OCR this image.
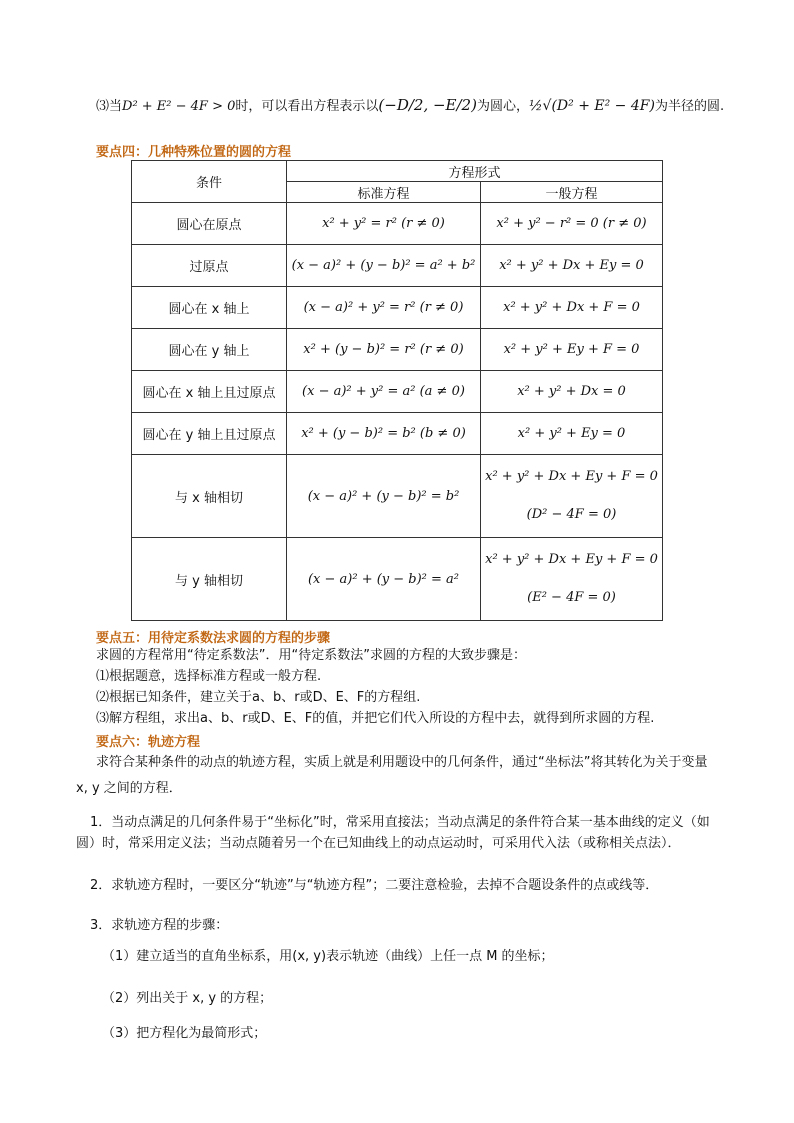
⑶当D² + E² − 4F > 0时，可以看出方程表示以(−D/2, −E/2)为圆心，½√(D² + E² − 4F)为半径的圆.
要点四：几种特殊位置的圆的方程
条件	方程形式	
	标准方程	一般方程
圆心在原点	x² + y² = r² (r ≠ 0)	x² + y² − r² = 0 (r ≠ 0)
过原点	(x − a)² + (y − b)² = a² + b²	x² + y² + Dx + Ey = 0
圆心在 x 轴上	(x − a)² + y² = r² (r ≠ 0)	x² + y² + Dx + F = 0
圆心在 y 轴上	x² + (y − b)² = r² (r ≠ 0)	x² + y² + Ey + F = 0
圆心在 x 轴上且过原点	(x − a)² + y² = a² (a ≠ 0)	x² + y² + Dx = 0
圆心在 y 轴上且过原点	x² + (y − b)² = b² (b ≠ 0)	x² + y² + Ey = 0
与 x 轴相切	(x − a)² + (y − b)² = b²	x² + y² + Dx + Ey + F = 0
(D² − 4F = 0)

与 y 轴相切	(x − a)² + (y − b)² = a²	x² + y² + Dx + Ey + F = 0
(E² − 4F = 0)
要点五：用待定系数法求圆的方程的步骤
求圆的方程常用“待定系数法”．用“待定系数法”求圆的方程的大致步骤是：
⑴根据题意，选择标准方程或一般方程.
⑵根据已知条件，建立关于a、b、r或D、E、F的方程组.
⑶解方程组，求出a、b、r或D、E、F的值，并把它们代入所设的方程中去，就得到所求圆的方程.
要点六：轨迹方程
求符合某种条件的动点的轨迹方程，实质上就是利用题设中的几何条件，通过“坐标法”将其转化为关于变量 x, y 之间的方程．
1．当动点满足的几何条件易于“坐标化”时，常采用直接法；当动点满足的条件符合某一基本曲线的定义（如圆）时，常采用定义法；当动点随着另一个在已知曲线上的动点运动时，可采用代入法（或称相关点法）．
2．求轨迹方程时，一要区分“轨迹”与“轨迹方程”；二要注意检验，去掉不合题设条件的点或线等．
3．求轨迹方程的步骤：
（1）建立适当的直角坐标系，用(x, y)表示轨迹（曲线）上任一点 M 的坐标；
（2）列出关于 x, y 的方程；
（3）把方程化为最简形式；
